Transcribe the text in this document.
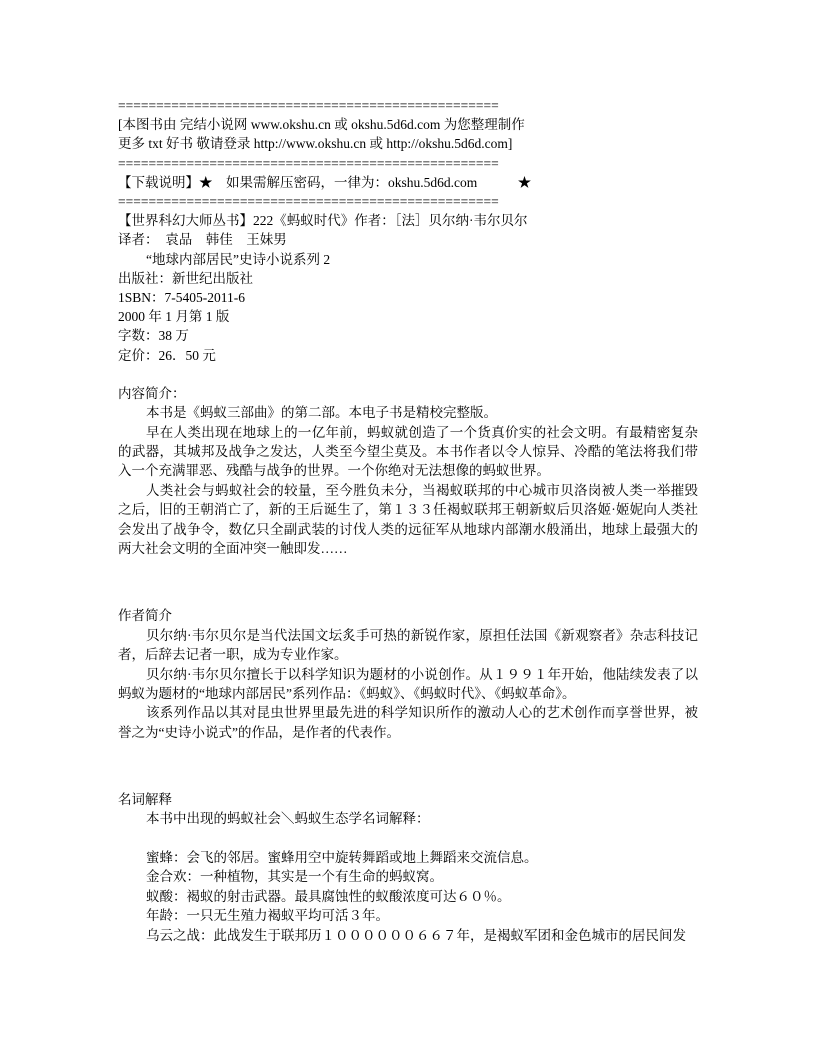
==================================================
[本图书由 完结小说网 www.okshu.cn 或 okshu.5d6d.com 为您整理制作
更多 txt 好书 敬请登录 http://www.okshu.cn 或 http://okshu.5d6d.com]
==================================================
【下载说明】★　如果需解压密码，一律为：okshu.5d6d.com　　　★
==================================================
【世界科幻大师丛书】222《蚂蚁时代》作者：［法］贝尔纳·韦尔贝尔
译者：　袁品　韩佳　王妹男
“地球内部居民”史诗小说系列 2
出版社：新世纪出版社
1SBN：7-5405-2011-6
2000 年 1 月第 1 版
字数：38 万
定价：26．50 元
内容简介：
本书是《蚂蚁三部曲》的第二部。本电子书是精校完整版。
早在人类出现在地球上的一亿年前，蚂蚁就创造了一个货真价实的社会文明。有最精密复杂的武器，其城邦及战争之发达，人类至今望尘莫及。本书作者以令人惊异、冷酷的笔法将我们带入一个充满罪恶、残酷与战争的世界。一个你绝对无法想像的蚂蚁世界。
人类社会与蚂蚁社会的较量，至今胜负未分，当褐蚁联邦的中心城市贝洛岗被人类一举摧毁之后，旧的王朝消亡了，新的王后诞生了，第１３３任褐蚁联邦王朝新蚁后贝洛姬·姬妮向人类社会发出了战争令，数亿只全副武装的讨伐人类的远征军从地球内部潮水般涌出，地球上最强大的两大社会文明的全面冲突一触即发……
作者简介
贝尔纳·韦尔贝尔是当代法国文坛炙手可热的新锐作家，原担任法国《新观察者》杂志科技记者，后辞去记者一职，成为专业作家。
贝尔纳·韦尔贝尔擅长于以科学知识为题材的小说创作。从１９９１年开始，他陆续发表了以蚂蚁为题材的“地球内部居民”系列作品：《蚂蚁》、《蚂蚁时代》、《蚂蚁革命》。
该系列作品以其对昆虫世界里最先进的科学知识所作的激动人心的艺术创作而享誉世界，被誉之为“史诗小说式”的作品，是作者的代表作。
名词解释
本书中出现的蚂蚁社会＼蚂蚁生态学名词解释：
蜜蜂：会飞的邻居。蜜蜂用空中旋转舞蹈或地上舞蹈来交流信息。
金合欢：一种植物，其实是一个有生命的蚂蚁窝。
蚁酸：褐蚁的射击武器。最具腐蚀性的蚁酸浓度可达６０％。
年龄：一只无生殖力褐蚁平均可活３年。
乌云之战：此战发生于联邦历１００００００６６７年，是褐蚁军团和金色城市的居民间发
